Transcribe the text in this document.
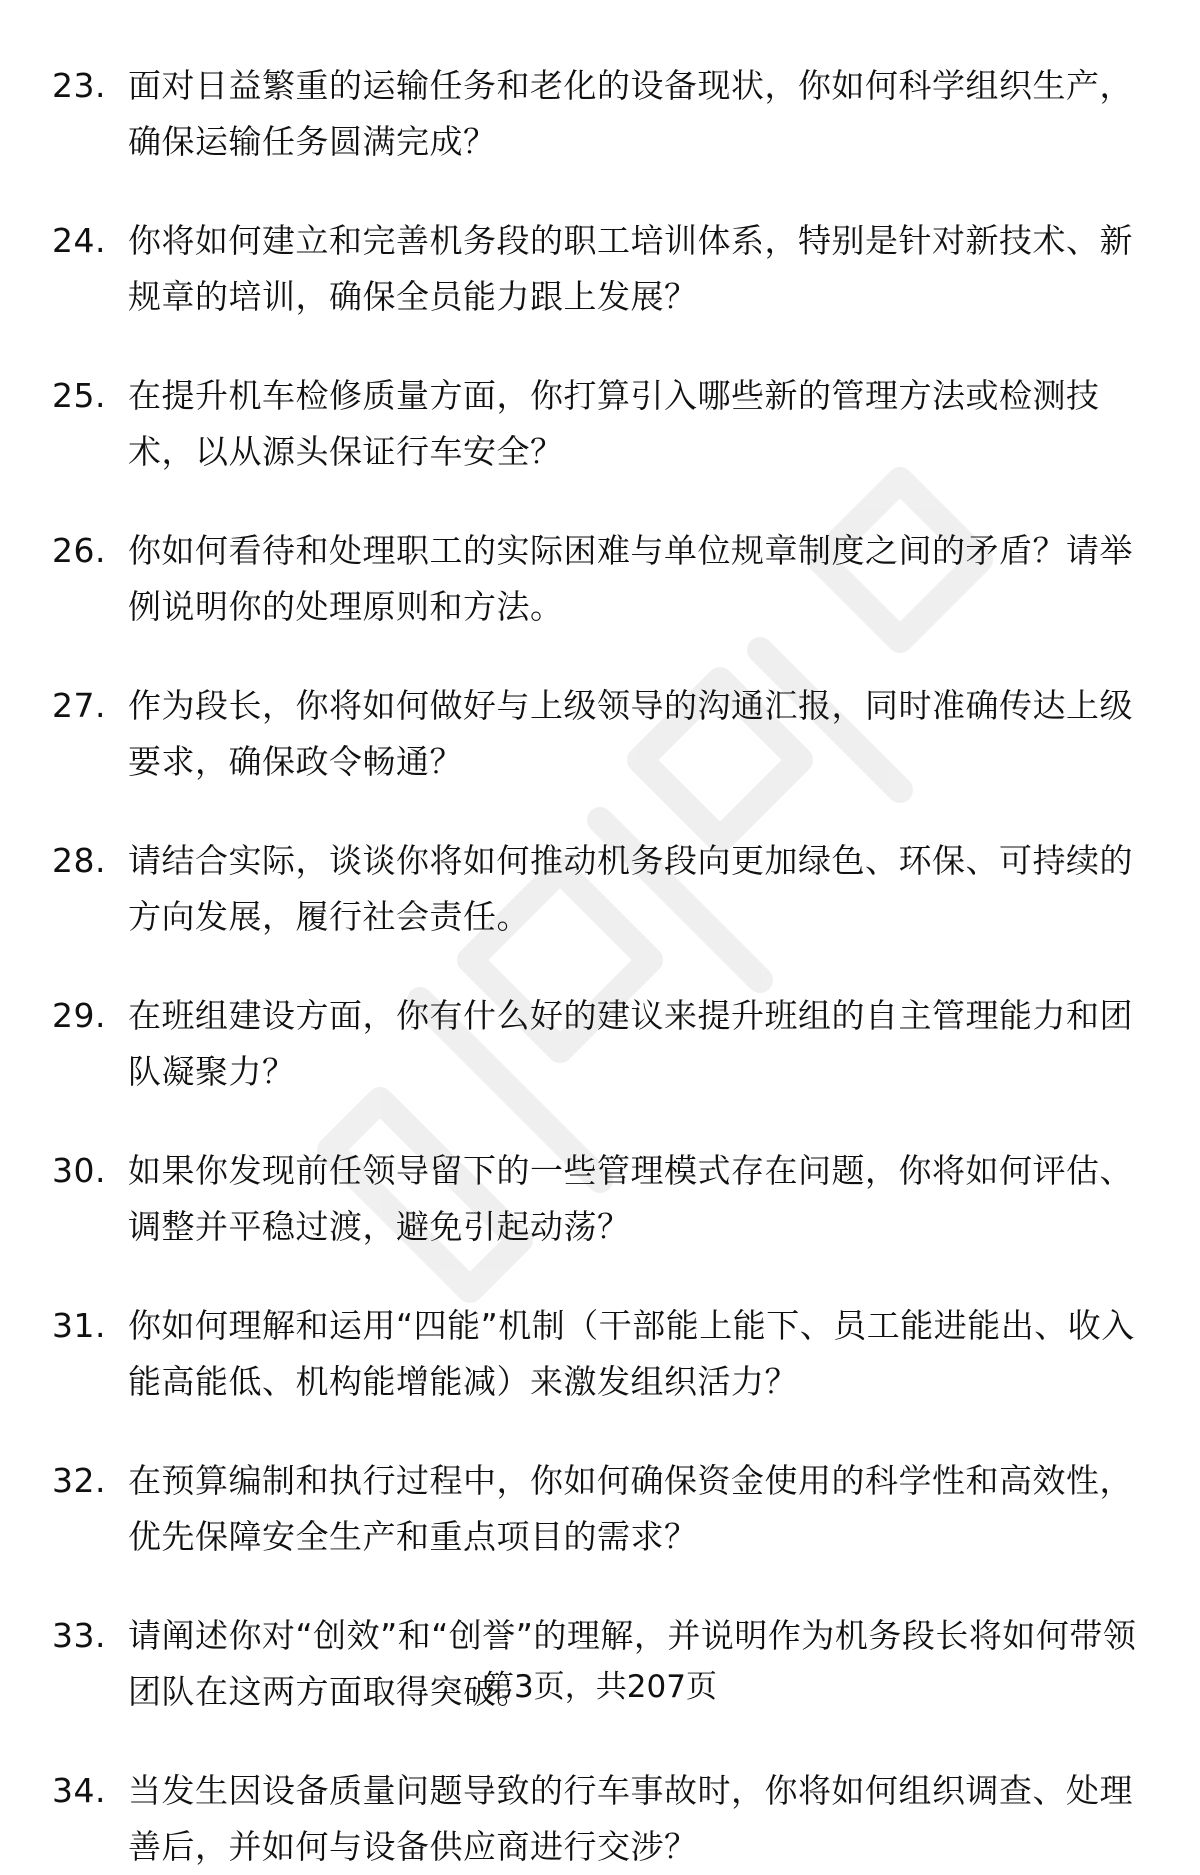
23. 面对日益繁重的运输任务和老化的设备现状，你如何科学组织生产，确保运输任务圆满完成？
24. 你将如何建立和完善机务段的职工培训体系，特别是针对新技术、新规章的培训，确保全员能力跟上发展？
25. 在提升机车检修质量方面，你打算引入哪些新的管理方法或检测技术，以从源头保证行车安全？
26. 你如何看待和处理职工的实际困难与单位规章制度之间的矛盾？请举例说明你的处理原则和方法。
27. 作为段长，你将如何做好与上级领导的沟通汇报，同时准确传达上级要求，确保政令畅通？
28. 请结合实际，谈谈你将如何推动机务段向更加绿色、环保、可持续的方向发展，履行社会责任。
29. 在班组建设方面，你有什么好的建议来提升班组的自主管理能力和团队凝聚力？
30. 如果你发现前任领导留下的一些管理模式存在问题，你将如何评估、调整并平稳过渡，避免引起动荡？
31. 你如何理解和运用“四能”机制（干部能上能下、员工能进能出、收入能高能低、机构能增能减）来激发组织活力？
32. 在预算编制和执行过程中，你如何确保资金使用的科学性和高效性，优先保障安全生产和重点项目的需求？
33. 请阐述你对“创效”和“创誉”的理解，并说明作为机务段长将如何带领团队在这两方面取得突破。
34. 当发生因设备质量问题导致的行车事故时，你将如何组织调查、处理善后，并如何与设备供应商进行交涉？
第3页，共207页
